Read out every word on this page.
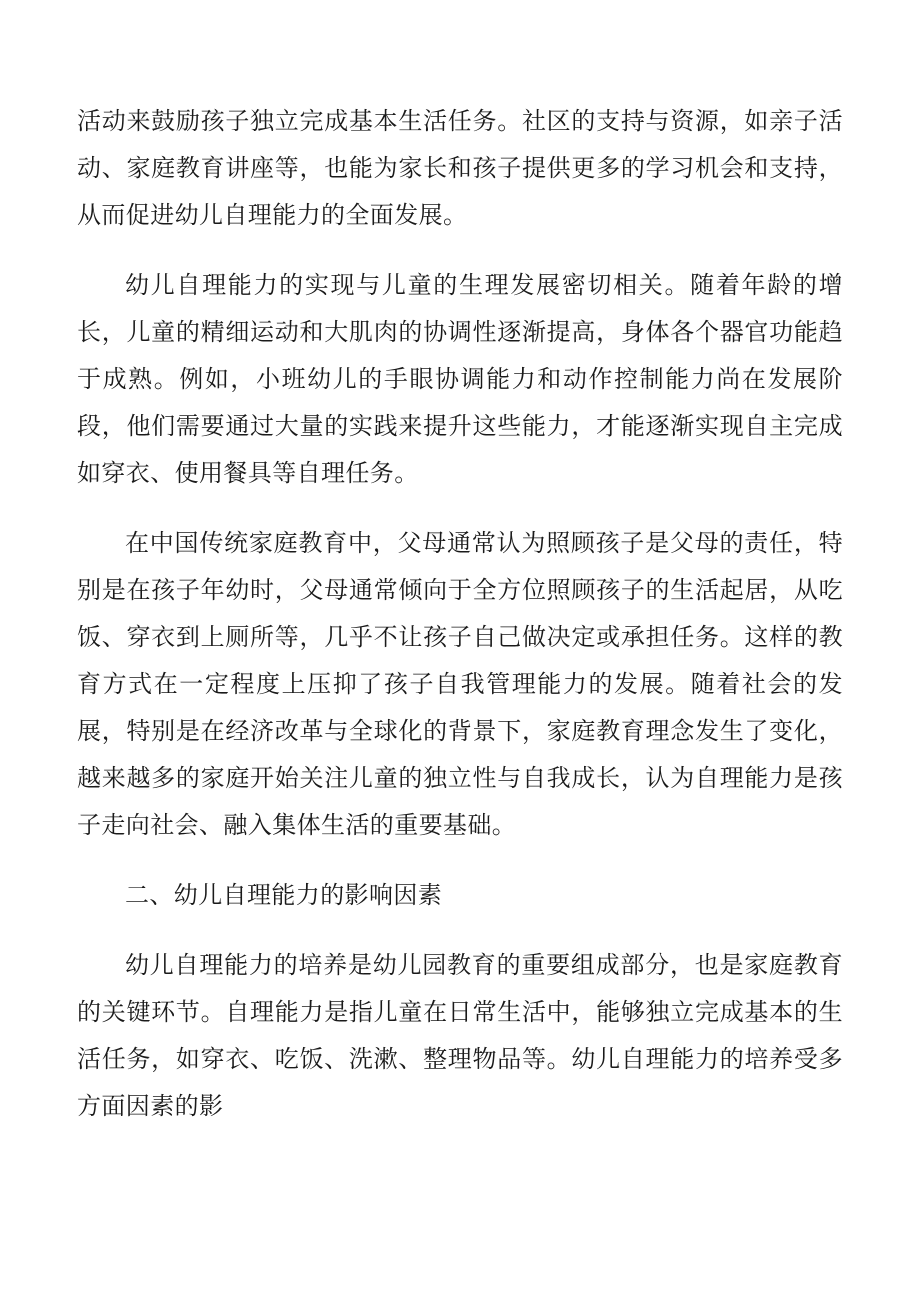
活动来鼓励孩子独立完成基本生活任务。社区的支持与资源，如亲子活动、家庭教育讲座等，也能为家长和孩子提供更多的学习机会和支持，从而促进幼儿自理能力的全面发展。

幼儿自理能力的实现与儿童的生理发展密切相关。随着年龄的增长，儿童的精细运动和大肌肉的协调性逐渐提高，身体各个器官功能趋于成熟。例如，小班幼儿的手眼协调能力和动作控制能力尚在发展阶段，他们需要通过大量的实践来提升这些能力，才能逐渐实现自主完成如穿衣、使用餐具等自理任务。

在中国传统家庭教育中，父母通常认为照顾孩子是父母的责任，特别是在孩子年幼时，父母通常倾向于全方位照顾孩子的生活起居，从吃饭、穿衣到上厕所等，几乎不让孩子自己做决定或承担任务。这样的教育方式在一定程度上压抑了孩子自我管理能力的发展。随着社会的发展，特别是在经济改革与全球化的背景下，家庭教育理念发生了变化，越来越多的家庭开始关注儿童的独立性与自我成长，认为自理能力是孩子走向社会、融入集体生活的重要基础。

二、幼儿自理能力的影响因素

幼儿自理能力的培养是幼儿园教育的重要组成部分，也是家庭教育的关键环节。自理能力是指儿童在日常生活中，能够独立完成基本的生活任务，如穿衣、吃饭、洗漱、整理物品等。幼儿自理能力的培养受多方面因素的影
